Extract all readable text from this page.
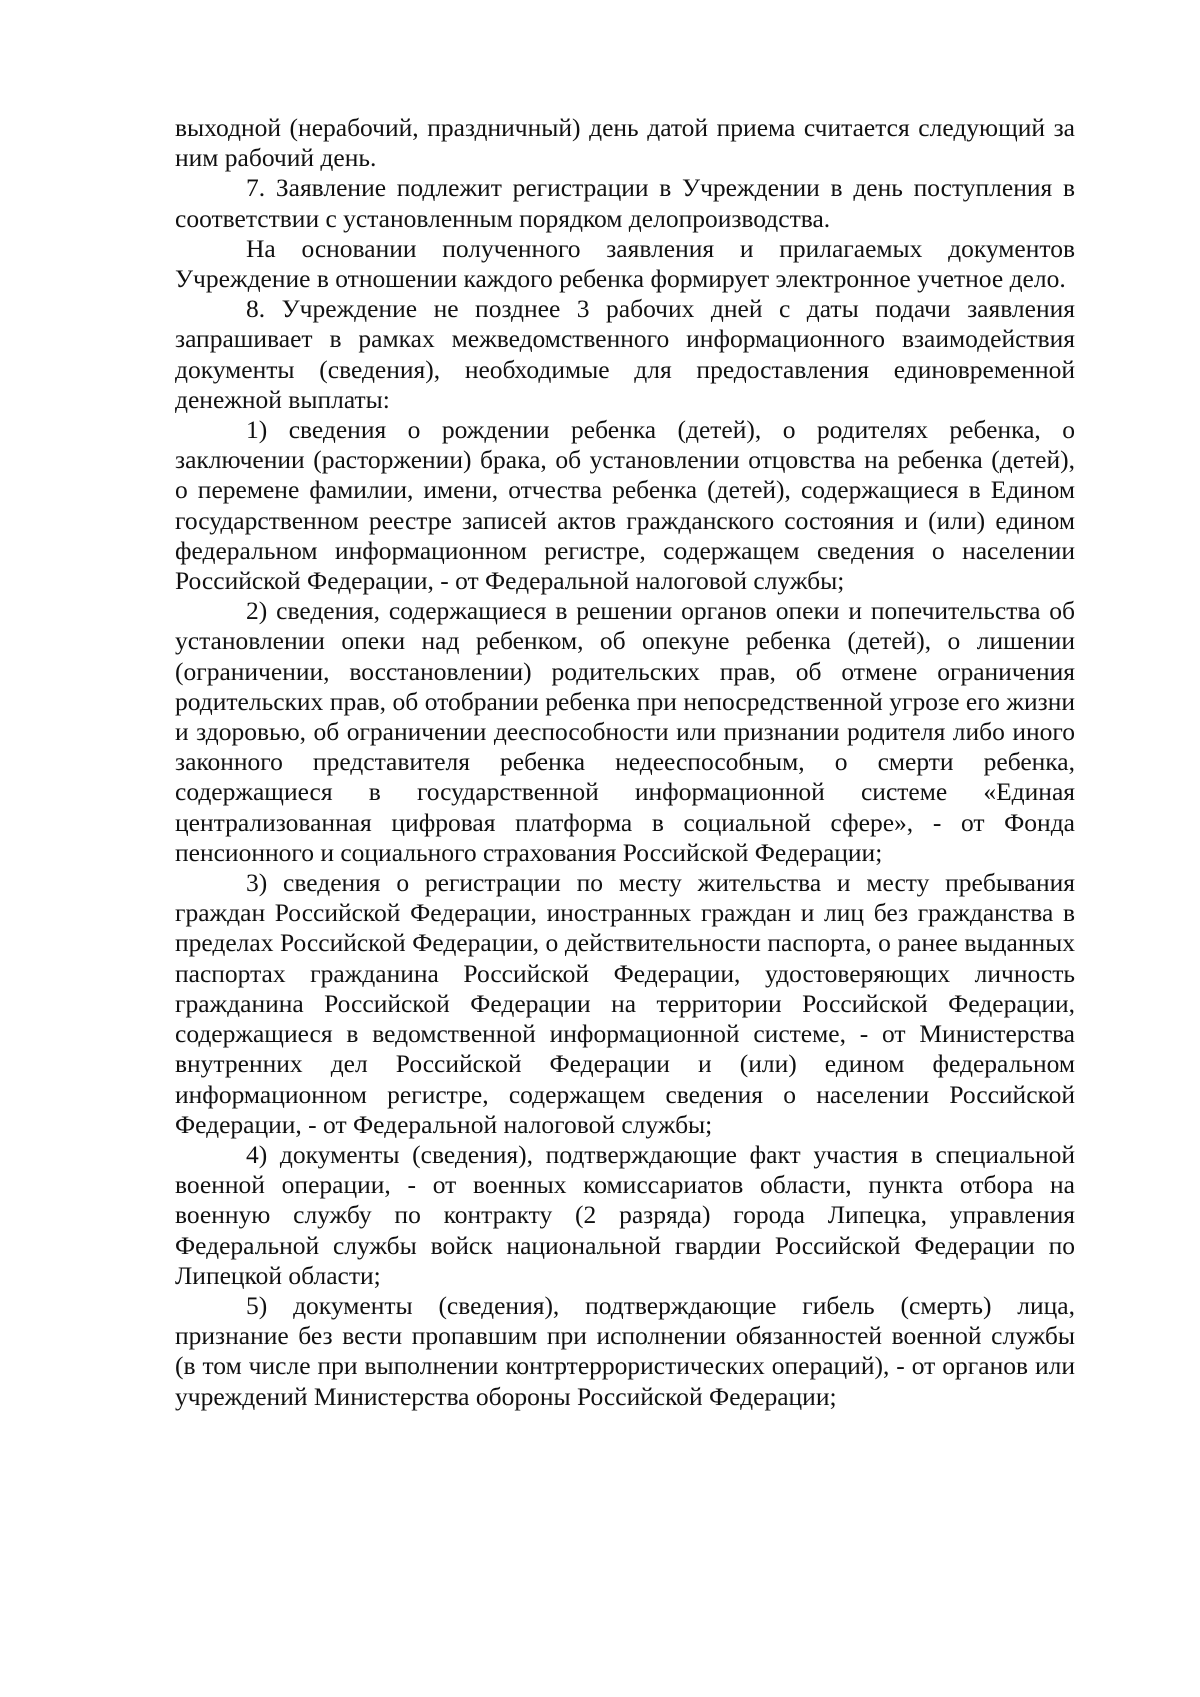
выходной (нерабочий, праздничный) день датой приема считается следующий за ним рабочий день.

7. Заявление подлежит регистрации в Учреждении в день поступления в соответствии с установленным порядком делопроизводства.

На основании полученного заявления и прилагаемых документов Учреждение в отношении каждого ребенка формирует электронное учетное дело.

8. Учреждение не позднее 3 рабочих дней с даты подачи заявления запрашивает в рамках межведомственного информационного взаимодействия документы (сведения), необходимые для предоставления единовременной денежной выплаты:

1) сведения о рождении ребенка (детей), о родителях ребенка, о заключении (расторжении) брака, об установлении отцовства на ребенка (детей), о перемене фамилии, имени, отчества ребенка (детей), содержащиеся в Едином государственном реестре записей актов гражданского состояния и (или) едином федеральном информационном регистре, содержащем сведения о населении Российской Федерации, - от Федеральной налоговой службы;

2) сведения, содержащиеся в решении органов опеки и попечительства об установлении опеки над ребенком, об опекуне ребенка (детей), о лишении (ограничении, восстановлении) родительских прав, об отмене ограничения родительских прав, об отобрании ребенка при непосредственной угрозе его жизни и здоровью, об ограничении дееспособности или признании родителя либо иного законного представителя ребенка недееспособным, о смерти ребенка, содержащиеся в государственной информационной системе «Единая централизованная цифровая платформа в социальной сфере», - от Фонда пенсионного и социального страхования Российской Федерации;

3) сведения о регистрации по месту жительства и месту пребывания граждан Российской Федерации, иностранных граждан и лиц без гражданства в пределах Российской Федерации, о действительности паспорта, о ранее выданных паспортах гражданина Российской Федерации, удостоверяющих личность гражданина Российской Федерации на территории Российской Федерации, содержащиеся в ведомственной информационной системе, - от Министерства внутренних дел Российской Федерации и (или) едином федеральном информационном регистре, содержащем сведения о населении Российской Федерации, - от Федеральной налоговой службы;

4) документы (сведения), подтверждающие факт участия в специальной военной операции, - от военных комиссариатов области, пункта отбора на военную службу по контракту (2 разряда) города Липецка, управления Федеральной службы войск национальной гвардии Российской Федерации по Липецкой области;

5) документы (сведения), подтверждающие гибель (смерть) лица, признание без вести пропавшим при исполнении обязанностей военной службы (в том числе при выполнении контртеррористических операций), - от органов или учреждений Министерства обороны Российской Федерации;
